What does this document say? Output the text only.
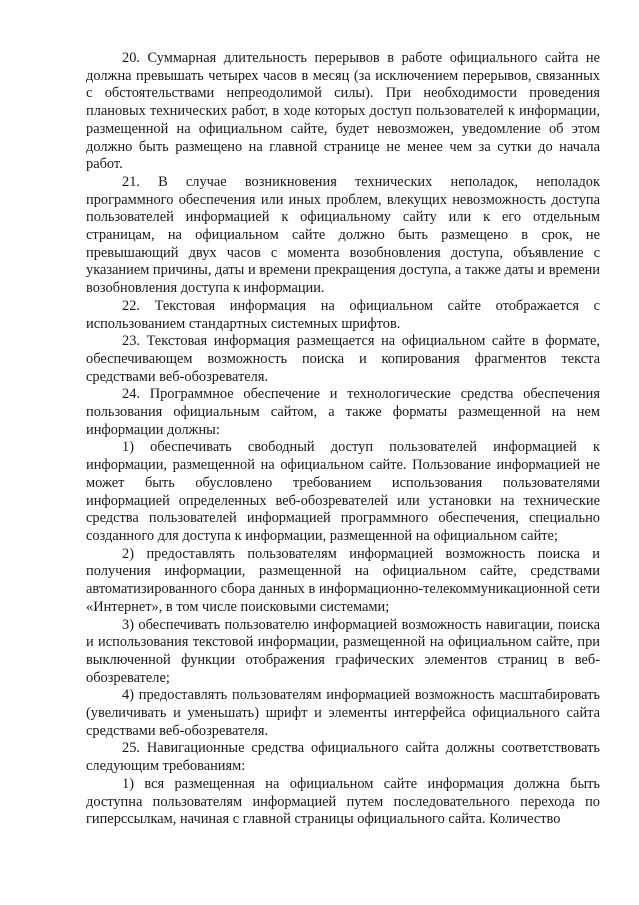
20. Суммарная длительность перерывов в работе официального сайта не должна превышать четырех часов в месяц (за исключением перерывов, связанных с обстоятельствами непреодолимой силы). При необходимости проведения плановых технических работ, в ходе которых доступ пользователей к информации, размещенной на официальном сайте, будет невозможен, уведомление об этом должно быть размещено на главной странице не менее чем за сутки до начала работ.

21. В случае возникновения технических неполадок, неполадок программного обеспечения или иных проблем, влекущих невозможность доступа пользователей информацией к официальному сайту или к его отдельным страницам, на официальном сайте должно быть размещено в срок, не превышающий двух часов с момента возобновления доступа, объявление с указанием причины, даты и времени прекращения доступа, а также даты и времени возобновления доступа к информации.

22. Текстовая информация на официальном сайте отображается с использованием стандартных системных шрифтов.

23. Текстовая информация размещается на официальном сайте в формате, обеспечивающем возможность поиска и копирования фрагментов текста средствами веб-обозревателя.

24. Программное обеспечение и технологические средства обеспечения пользования официальным сайтом, а также форматы размещенной на нем информации должны:

1) обеспечивать свободный доступ пользователей информацией к информации, размещенной на официальном сайте. Пользование информацией не может быть обусловлено требованием использования пользователями информацией определенных веб-обозревателей или установки на технические средства пользователей информацией программного обеспечения, специально созданного для доступа к информации, размещенной на официальном сайте;

2) предоставлять пользователям информацией возможность поиска и получения информации, размещенной на официальном сайте, средствами автоматизированного сбора данных в информационно-телекоммуникационной сети «Интернет», в том числе поисковыми системами;

3) обеспечивать пользователю информацией возможность навигации, поиска и использования текстовой информации, размещенной на официальном сайте, при выключенной функции отображения графических элементов страниц в веб-обозревателе;

4) предоставлять пользователям информацией возможность масштабировать (увеличивать и уменьшать) шрифт и элементы интерфейса официального сайта средствами веб-обозревателя.

25. Навигационные средства официального сайта должны соответствовать следующим требованиям:

1) вся размещенная на официальном сайте информация должна быть доступна пользователям информацией путем последовательного перехода по гиперссылкам, начиная с главной страницы официального сайта. Количество
